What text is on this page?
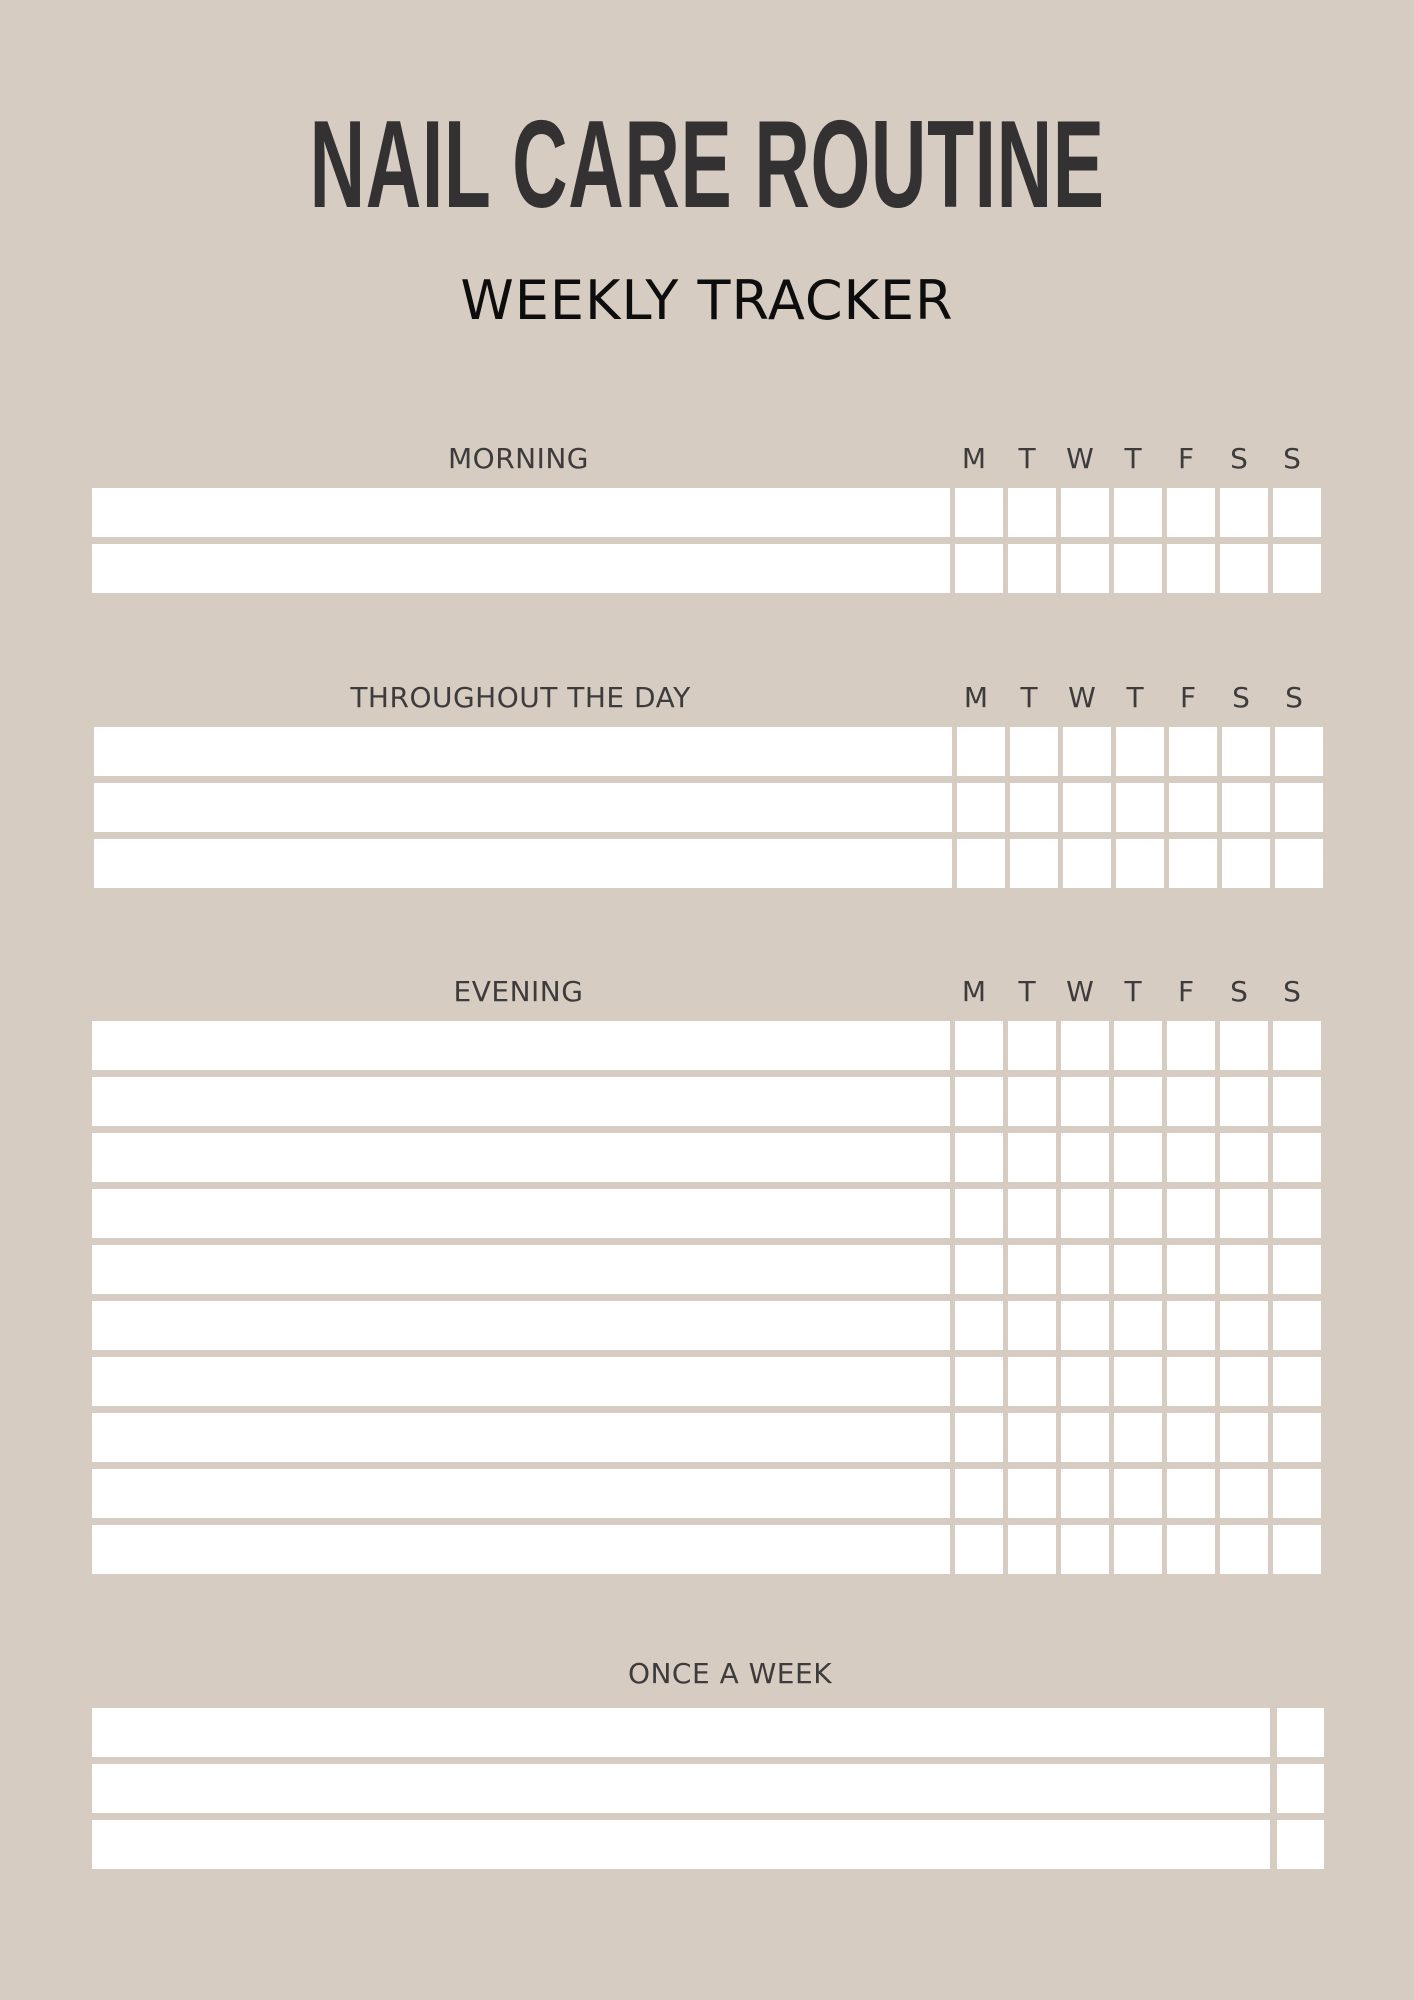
NAIL CARE ROUTINE
WEEKLY TRACKER
MORNING	M	T	W	T	F	S	S
THROUGHOUT THE DAY	M	T	W	T	F	S	S
EVENING	M	T	W	T	F	S	S
ONCE A WEEK
